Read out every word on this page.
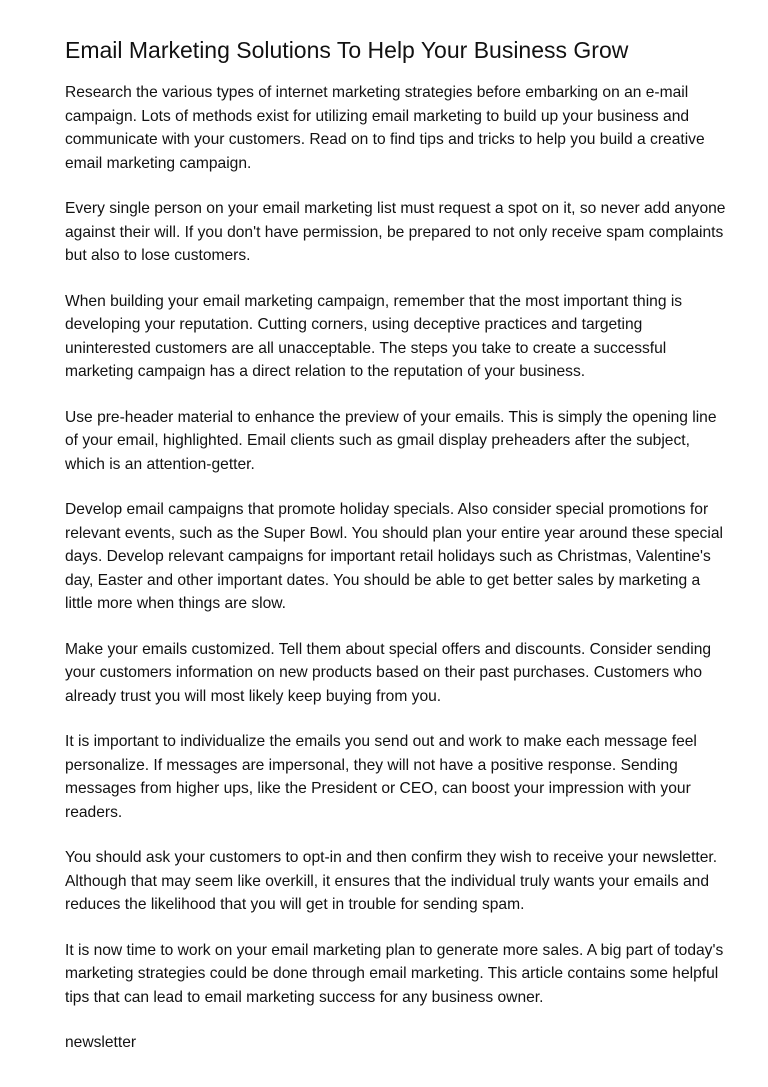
Email Marketing Solutions To Help Your Business Grow

Research the various types of internet marketing strategies before embarking on an e-mail campaign. Lots of methods exist for utilizing email marketing to build up your business and communicate with your customers. Read on to find tips and tricks to help you build a creative email marketing campaign.

Every single person on your email marketing list must request a spot on it, so never add anyone against their will. If you don't have permission, be prepared to not only receive spam complaints but also to lose customers.

When building your email marketing campaign, remember that the most important thing is developing your reputation. Cutting corners, using deceptive practices and targeting uninterested customers are all unacceptable. The steps you take to create a successful marketing campaign has a direct relation to the reputation of your business.

Use pre-header material to enhance the preview of your emails. This is simply the opening line of your email, highlighted. Email clients such as gmail display preheaders after the subject, which is an attention-getter.

Develop email campaigns that promote holiday specials. Also consider special promotions for relevant events, such as the Super Bowl. You should plan your entire year around these special days. Develop relevant campaigns for important retail holidays such as Christmas, Valentine's day, Easter and other important dates. You should be able to get better sales by marketing a little more when things are slow.

Make your emails customized. Tell them about special offers and discounts. Consider sending your customers information on new products based on their past purchases. Customers who already trust you will most likely keep buying from you.

It is important to individualize the emails you send out and work to make each message feel personalize. If messages are impersonal, they will not have a positive response. Sending messages from higher ups, like the President or CEO, can boost your impression with your readers.

You should ask your customers to opt-in and then confirm they wish to receive your newsletter. Although that may seem like overkill, it ensures that the individual truly wants your emails and reduces the likelihood that you will get in trouble for sending spam.

It is now time to work on your email marketing plan to generate more sales. A big part of today's marketing strategies could be done through email marketing. This article contains some helpful tips that can lead to email marketing success for any business owner.

newsletter
